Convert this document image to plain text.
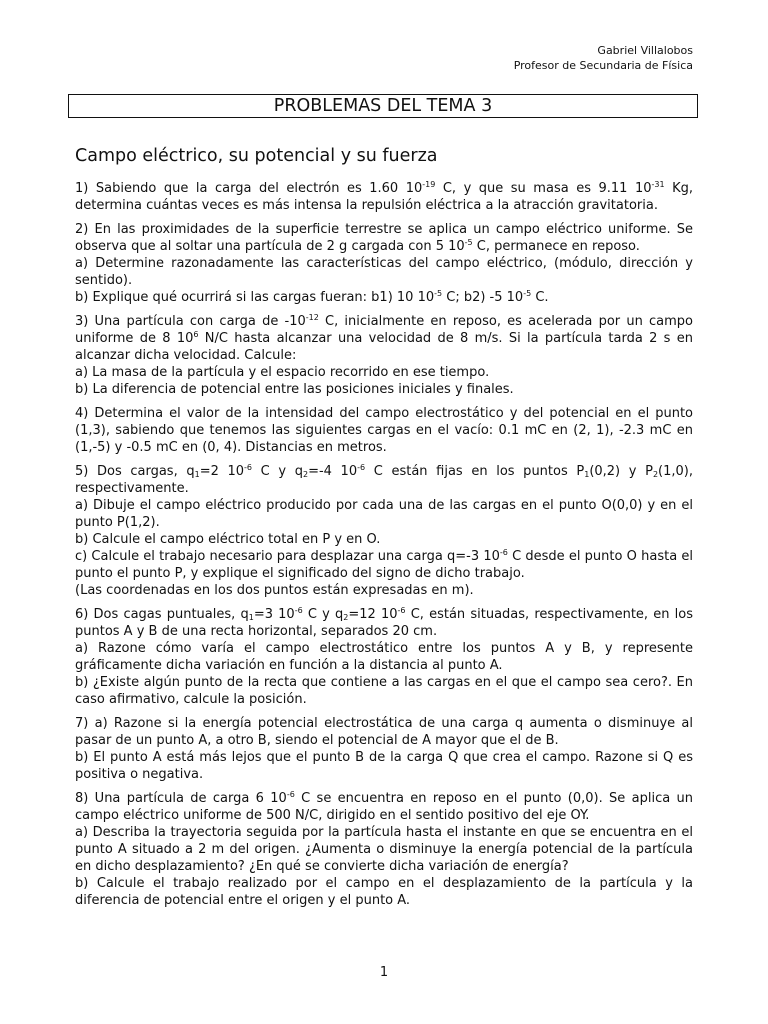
Gabriel Villalobos
Profesor de Secundaria de Física
PROBLEMAS DEL TEMA 3
Campo eléctrico, su potencial y su fuerza

1) Sabiendo que la carga del electrón es 1.60 $10^{-19}$ C, y que su masa es 9.11 $10^{-31}$ Kg, determina cuántas veces es más intensa la repulsión eléctrica a la atracción gravitatoria.

2) En las proximidades de la superficie terrestre se aplica un campo eléctrico uniforme. Se observa que al soltar una partícula de 2 g cargada con 5 $10^{-5}$ C, permanece en reposo.

a) Determine razonadamente las características del campo eléctrico, (módulo, dirección y sentido).

b) Explique qué ocurrirá si las cargas fueran: b1) 10 $10^{-5}$ C; b2) -5 $10^{-5}$ C.

3) Una partícula con carga de $-10^{-12}$ C, inicialmente en reposo, es acelerada por un campo uniforme de 8 $10^6$ N/C hasta alcanzar una velocidad de 8 m/s. Si la partícula tarda 2 s en alcanzar dicha velocidad. Calcule:

a) La masa de la partícula y el espacio recorrido en ese tiempo.

b) La diferencia de potencial entre las posiciones iniciales y finales.

4) Determina el valor de la intensidad del campo electrostático y del potencial en el punto (1,3), sabiendo que tenemos las siguientes cargas en el vacío: 0.1 mC en (2, 1), -2.3 mC en (1,-5) y -0.5 mC en (0, 4). Distancias en metros.

5) Dos cargas, $q_1=2$ $10^{-6}$ C y $q_2=-4$ $10^{-6}$ C están fijas en los puntos $P_1(0,2)$ y $P_2(1,0)$, respectivamente.

a) Dibuje el campo eléctrico producido por cada una de las cargas en el punto O(0,0) y en el punto P(1,2).

b) Calcule el campo eléctrico total en P y en O.

c) Calcule el trabajo necesario para desplazar una carga q=-3 $10^{-6}$ C desde el punto O hasta el punto el punto P, y explique el significado del signo de dicho trabajo.

(Las coordenadas en los dos puntos están expresadas en m).

6) Dos cagas puntuales, $q_1=3$ $10^{-6}$ C y $q_2=12$ $10^{-6}$ C, están situadas, respectivamente, en los puntos A y B de una recta horizontal, separados 20 cm.

a) Razone cómo varía el campo electrostático entre los puntos A y B, y represente gráficamente dicha variación en función a la distancia al punto A.

b) ¿Existe algún punto de la recta que contiene a las cargas en el que el campo sea cero?. En caso afirmativo, calcule la posición.

7) a) Razone si la energía potencial electrostática de una carga q aumenta o disminuye al pasar de un punto A, a otro B, siendo el potencial de A mayor que el de B.

b) El punto A está más lejos que el punto B de la carga Q que crea el campo. Razone si Q es positiva o negativa.

8) Una partícula de carga 6 $10^{-6}$ C se encuentra en reposo en el punto (0,0). Se aplica un campo eléctrico uniforme de 500 N/C, dirigido en el sentido positivo del eje OY.

a) Describa la trayectoria seguida por la partícula hasta el instante en que se encuentra en el punto A situado a 2 m del origen. ¿Aumenta o disminuye la energía potencial de la partícula en dicho desplazamiento? ¿En qué se convierte dicha variación de energía?

b) Calcule el trabajo realizado por el campo en el desplazamiento de la partícula y la diferencia de potencial entre el origen y el punto A.

1
